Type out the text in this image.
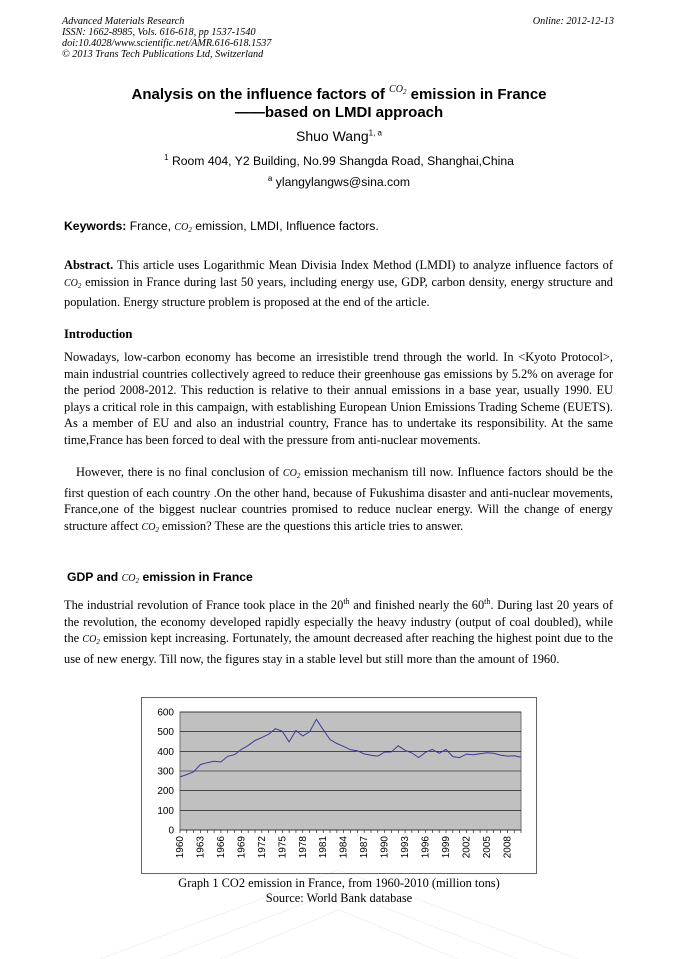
Advanced Materials Research
ISSN: 1662-8985, Vols. 616-618, pp 1537-1540
doi:10.4028/www.scientific.net/AMR.616-618.1537
© 2013 Trans Tech Publications Ltd, Switzerland
Online: 2012-12-13
Analysis on the influence factors of $^{CO_2}$ emission in France
——based on LMDI approach
Shuo Wang$^{1, a}$
$^1$ Room 404, Y2 Building, No.99 Shangda Road, Shanghai,China
$^a$ ylangylangws@sina.com
Keywords: France, $CO_2$ emission, LMDI, Influence factors.

Abstract. This article uses Logarithmic Mean Divisia Index Method (LMDI) to analyze influence factors of $CO_2$ emission in France during last 50 years, including energy use, GDP, carbon density, energy structure and population. Energy structure problem is proposed at the end of the article.

Introduction

Nowadays, low-carbon economy has become an irresistible trend through the world. In <Kyoto Protocol>, main industrial countries collectively agreed to reduce their greenhouse gas emissions by 5.2% on average for the period 2008-2012. This reduction is relative to their annual emissions in a base year, usually 1990. EU plays a critical role in this campaign, with establishing European Union Emissions Trading Scheme (EUETS). As a member of EU and also an industrial country, France has to undertake its responsibility. At the same time,France has been forced to deal with the pressure from anti-nuclear movements.

However, there is no final conclusion of $CO_2$ emission mechanism till now. Influence factors should be the first question of each country .On the other hand, because of Fukushima disaster and anti-nuclear movements, France,one of the biggest nuclear countries promised to reduce nuclear energy. Will the change of energy structure affect $CO_2$ emission? These are the questions this article tries to answer.

GDP and $CO_2$ emission in France

The industrial revolution of France took place in the 20th and finished nearly the 60th. During last 20 years of the revolution, the economy developed rapidly especially the heavy industry (output of coal doubled), while the $CO_2$ emission kept increasing. Fortunately, the amount decreased after reaching the highest point due to the use of new energy. Till now, the figures stay in a stable level but still more than the amount of 1960.

0
100
200
300
400
500
600
1960 1963 1966 1969 1972 1975 1978 1981 1984 1987 1990 1993 1996 1999 2002 2005 2008
Graph 1 CO2 emission in France, from 1960-2010 (million tons)
Source: World Bank database
